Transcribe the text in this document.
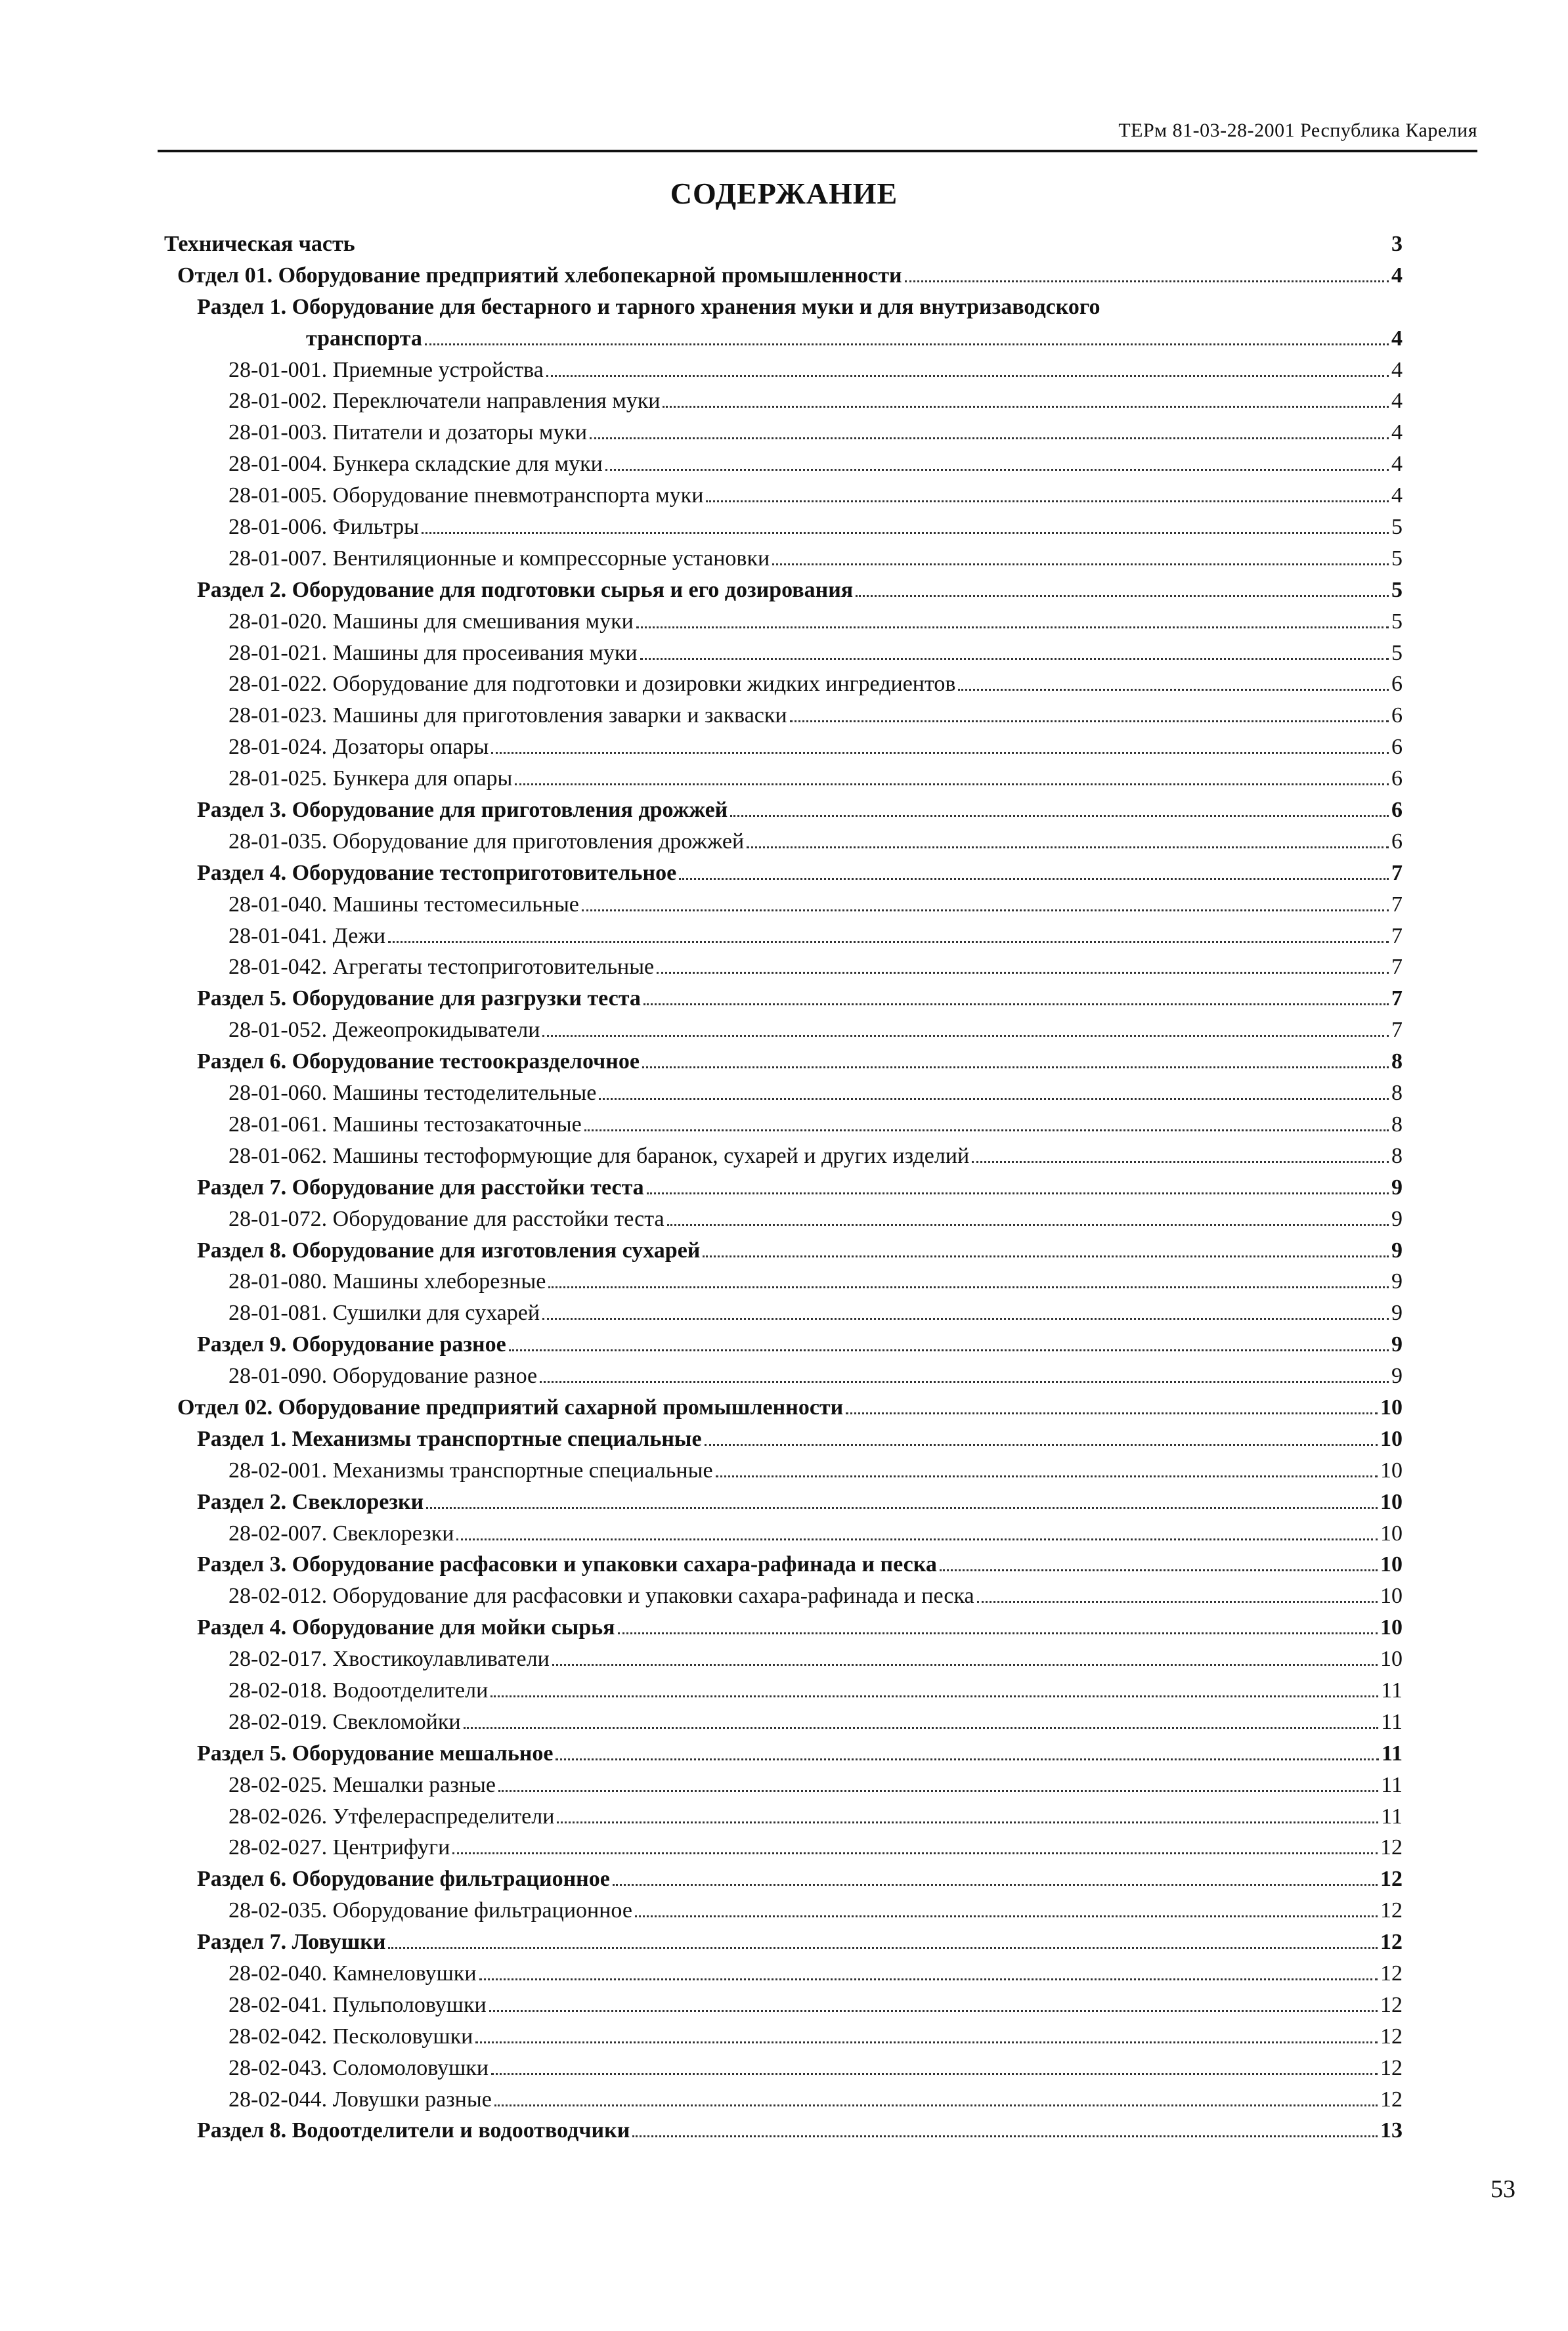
ТЕРм 81-03-28-2001 Республика Карелия
СОДЕРЖАНИЕ
Техническая часть	3
Отдел 01. Оборудование предприятий хлебопекарной промышленности	4
Раздел 1. Оборудование для бестарного и тарного хранения муки и для внутризаводского
транспорта	4
28-01-001. Приемные устройства	4
28-01-002. Переключатели направления муки	4
28-01-003. Питатели и дозаторы муки	4
28-01-004. Бункера складские для муки	4
28-01-005. Оборудование пневмотранспорта муки	4
28-01-006. Фильтры	5
28-01-007. Вентиляционные и компрессорные установки	5
Раздел 2. Оборудование для подготовки сырья и его дозирования	5
28-01-020. Машины для смешивания муки	5
28-01-021. Машины для просеивания муки	5
28-01-022. Оборудование для подготовки и дозировки жидких ингредиентов	6
28-01-023. Машины для приготовления заварки и закваски	6
28-01-024. Дозаторы опары	6
28-01-025. Бункера для опары	6
Раздел 3. Оборудование для приготовления дрожжей	6
28-01-035. Оборудование для приготовления дрожжей	6
Раздел 4. Оборудование тестоприготовительное	7
28-01-040. Машины тестомесильные	7
28-01-041. Дежи	7
28-01-042. Агрегаты тестоприготовительные	7
Раздел 5. Оборудование для разгрузки теста	7
28-01-052. Дежеопрокидыватели	7
Раздел 6. Оборудование тестоокразделочное	8
28-01-060. Машины тестоделительные	8
28-01-061. Машины тестозакаточные	8
28-01-062. Машины тестоформующие для баранок, сухарей и других изделий	8
Раздел 7. Оборудование для расстойки теста	9
28-01-072. Оборудование для расстойки теста	9
Раздел 8. Оборудование для изготовления сухарей	9
28-01-080. Машины хлеборезные	9
28-01-081. Сушилки для сухарей	9
Раздел 9. Оборудование разное	9
28-01-090. Оборудование разное	9
Отдел 02. Оборудование предприятий сахарной промышленности	10
Раздел 1. Механизмы транспортные специальные	10
28-02-001. Механизмы транспортные специальные	10
Раздел 2. Свеклорезки	10
28-02-007. Свеклорезки	10
Раздел 3. Оборудование расфасовки и упаковки сахара-рафинада и песка	10
28-02-012. Оборудование для расфасовки и упаковки сахара-рафинада и песка	10
Раздел 4. Оборудование для мойки сырья	10
28-02-017. Хвостикоулавливатели	10
28-02-018. Водоотделители	11
28-02-019. Свекломойки	11
Раздел 5. Оборудование мешальное	11
28-02-025. Мешалки разные	11
28-02-026. Утфелераспределители	11
28-02-027. Центрифуги	12
Раздел 6. Оборудование фильтрационное	12
28-02-035. Оборудование фильтрационное	12
Раздел 7. Ловушки	12
28-02-040. Камнеловушки	12
28-02-041. Пульполовушки	12
28-02-042. Песколовушки	12
28-02-043. Соломоловушки	12
28-02-044. Ловушки разные	12
Раздел 8. Водоотделители и водоотводчики	13
53
